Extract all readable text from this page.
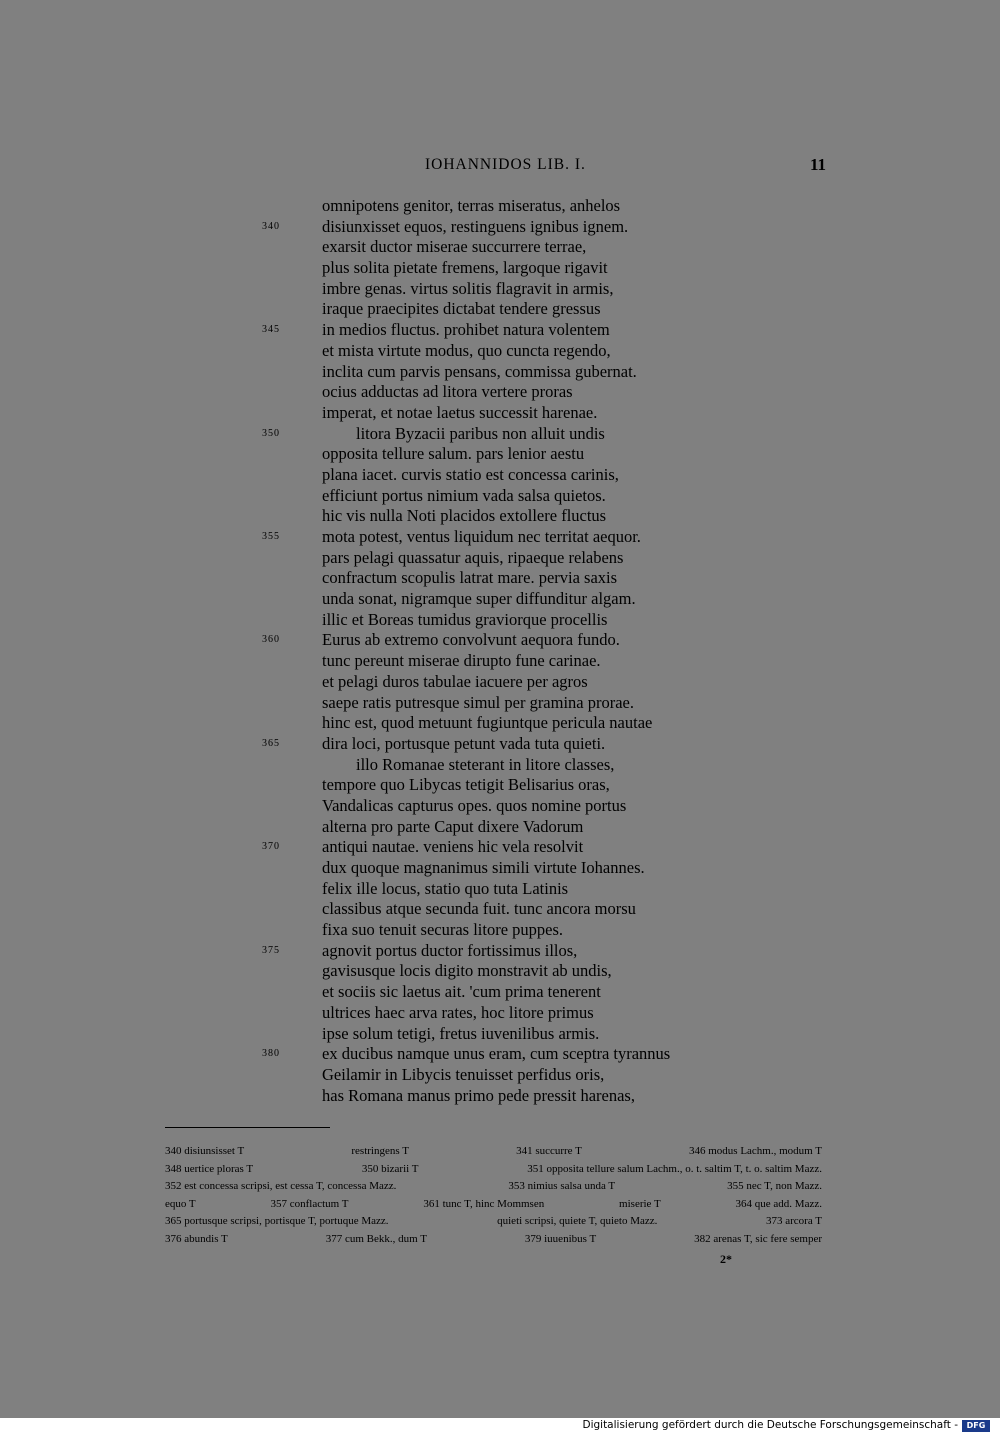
IOHANNIDOS LIB. I.	11
omnipotens genitor, terras miseratus, anhelos
340	disiunxisset equos, restinguens ignibus ignem.
exarsit ductor miserae succurrere terrae,
plus solita pietate fremens, largoque rigavit
imbre genas. virtus solitis flagravit in armis,
iraque praecipites dictabat tendere gressus
345	in medios fluctus. prohibet natura volentem
et mista virtute modus, quo cuncta regendo,
inclita cum parvis pensans, commissa gubernat.
ocius adductas ad litora vertere proras
imperat, et notae laetus successit harenae.
350	litora Byzacii paribus non alluit undis
opposita tellure salum. pars lenior aestu
plana iacet. curvis statio est concessa carinis,
efficiunt portus nimium vada salsa quietos.
hic vis nulla Noti placidos extollere fluctus
355	mota potest, ventus liquidum nec territat aequor.
pars pelagi quassatur aquis, ripaeque relabens
confractum scopulis latrat mare. pervia saxis
unda sonat, nigramque super diffunditur algam.
illic et Boreas tumidus graviorque procellis
360	Eurus ab extremo convolvunt aequora fundo.
tunc pereunt miserae dirupto fune carinae.
et pelagi duros tabulae iacuere per agros
saepe ratis putresque simul per gramina prorae.
hinc est, quod metuunt fugiuntque pericula nautae
365	dira loci, portusque petunt vada tuta quieti.
illo Romanae steterant in litore classes,
tempore quo Libycas tetigit Belisarius oras,
Vandalicas capturus opes. quos nomine portus
alterna pro parte Caput dixere Vadorum
370	antiqui nautae. veniens hic vela resolvit
dux quoque magnanimus simili virtute Iohannes.
felix ille locus, statio quo tuta Latinis
classibus atque secunda fuit. tunc ancora morsu
fixa suo tenuit securas litore puppes.
375	agnovit portus ductor fortissimus illos,
gavisusque locis digito monstravit ab undis,
et sociis sic laetus ait. 'cum prima tenerent
ultrices haec arva rates, hoc litore primus
ipse solum tetigi, fretus iuvenilibus armis.
380	ex ducibus namque unus eram, cum sceptra tyrannus
Geilamir in Libycis tenuisset perfidus oris,
has Romana manus primo pede pressit harenas,
340 disiunsisset T	restringens T	341 succurre T	346 modus Lachm., modum T
348 uertice ploras T	350 bizarii T	351 opposita tellure salum Lachm., o. t. saltim T, t. o. saltim Mazz.
352 est concessa scripsi, est cessa T, concessa Mazz.	353 nimius salsa unda T	355 nec T, non Mazz.
equo T	357 conflactum T	361 tunc T, hinc Mommsen	miserie T	364 que add. Mazz.
365 portusque scripsi, portisque T, portuque Mazz.	quieti scripsi, quiete T, quieto Mazz.	373 arcora T
376 abundis T	377 cum Bekk., dum T	379 iuuenibus T	382 arenas T, sic fere semper
2*
Digitalisierung gefördert durch die Deutsche Forschungsgemeinschaft -	DFG
